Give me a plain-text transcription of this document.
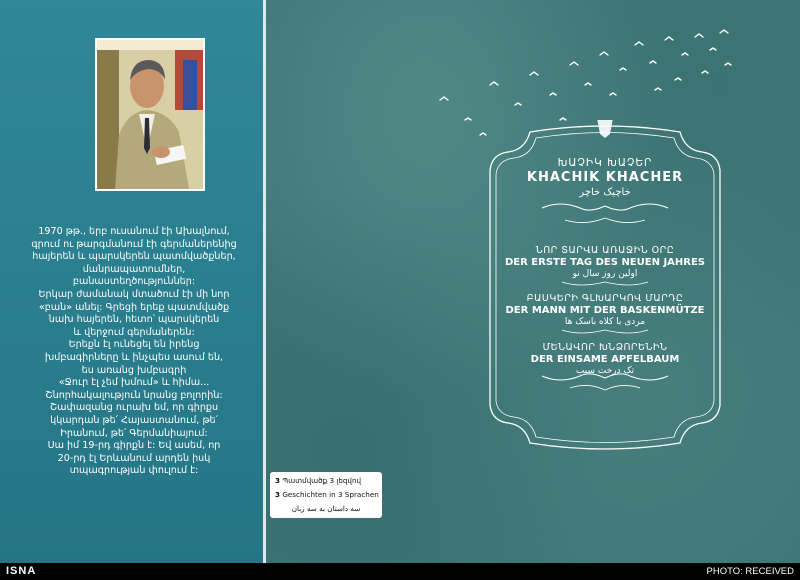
1970 թթ., երբ ուսանում էի Ախալնում,
գրում ու թարգմանում էի գերմաներենից
հայերեն և պարսկերեն պատմվածքներ,
մանրապատումներ,
բանաստեղծություններ:
Երկար ժամանակ մտածում էի մի նոր
«բան» անել: Գրեցի երեք պատմվածք
նախ հայերեն, հետո՝ պարսկերեն
և վերջում գերմաներեն:
Երեքն էլ ունեցել են իրենց
խմբագիրները և ինչպես ասում են,
ես առանց խմբագրի
«Ջուր էլ չեմ խմում» և հիմա...
Շնորհակալություն նրանց բոլորին:
Շափազանց ուրախ եմ, որ գիրքս
կկարդան թե՛ Հայաստանում, թե՛
Իրանում, թե՛ Գերմանիայում:
Սա իմ 19-րդ գիրքն է: Եվ ասեմ, որ
20-րդ էլ Երևանում արդեն իսկ
տպագրության փուլում է:
ԽԱՉԻԿ ԽԱՉԵՐ
KHACHIK KHACHER
خاچیک خاچر
ՆՈՐ ՏԱՐՎԱ ԱՌԱՋԻՆ ՕՐԸ
DER ERSTE TAG DES NEUEN JAHRES
اولین روز سال نو
ԲԱՍԿԵՐԻ ԳԼԽԱՐԿՈՎ ՄԱՐԴԸ
DER MANN MIT DER BASKENMÜTZE
مردی با کلاه باسک ها
ՄԵՆԱՎՈՐ ԽՆՁՈՐԵՆԻՆ
DER EINSAME APFELBAUM
تک درخت سیب
3 Պատմվածք 3 լեզվով
3 Geschichten in 3 Sprachen
سه داستان به سه زبان
ISNA	PHOTO: RECEIVED
